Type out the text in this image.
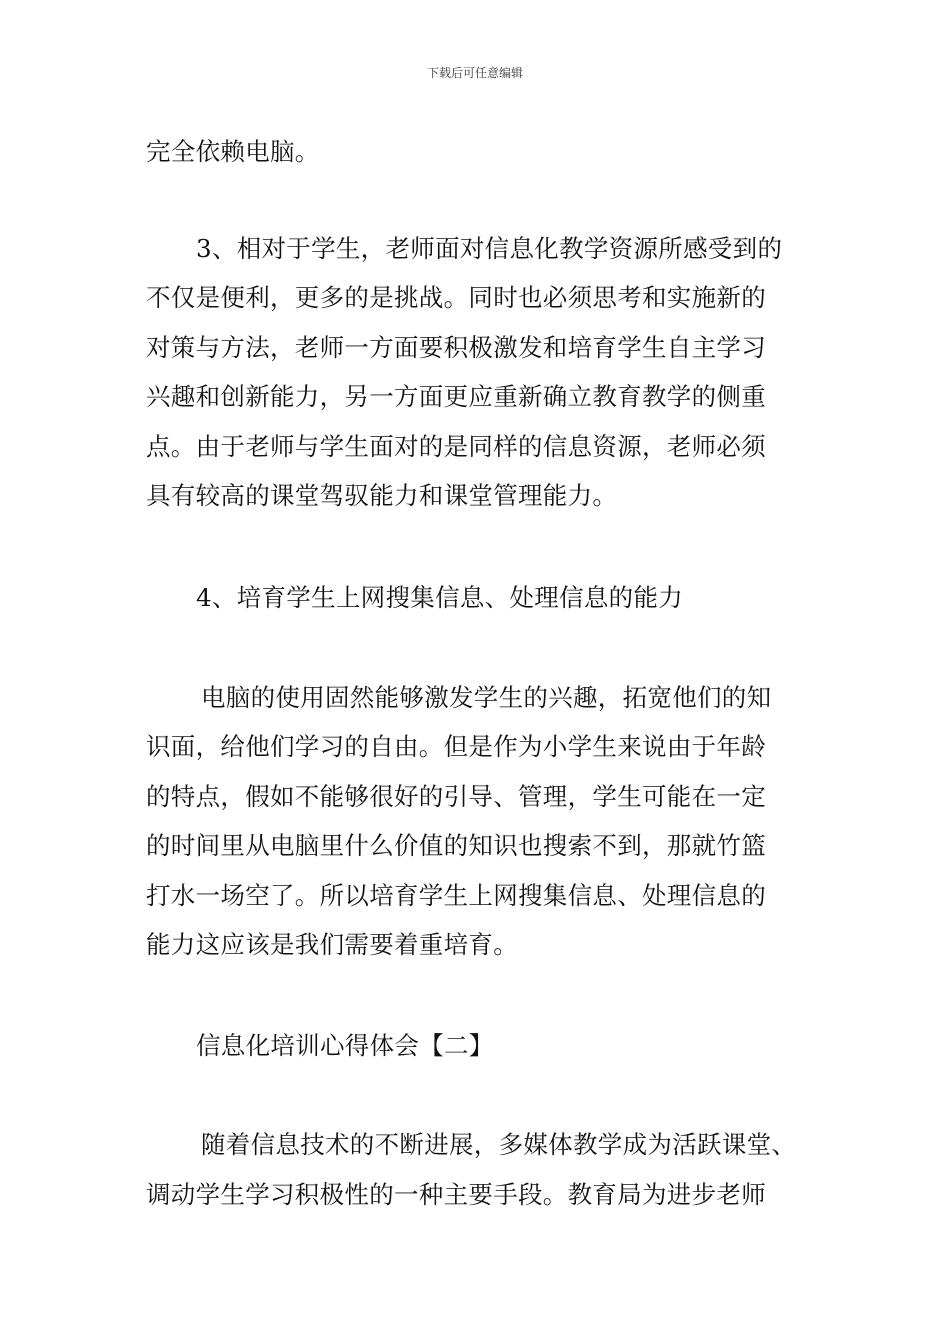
下载后可任意编辑
完全依赖电脑。
3、相对于学生，老师面对信息化教学资源所感受到的
不仅是便利，更多的是挑战。同时也必须思考和实施新的
对策与方法，老师一方面要积极激发和培育学生自主学习
兴趣和创新能力，另一方面更应重新确立教育教学的侧重
点。由于老师与学生面对的是同样的信息资源，老师必须
具有较高的课堂驾驭能力和课堂管理能力。
4、培育学生上网搜集信息、处理信息的能力
电脑的使用固然能够激发学生的兴趣，拓宽他们的知
识面，给他们学习的自由。但是作为小学生来说由于年龄
的特点，假如不能够很好的引导、管理，学生可能在一定
的时间里从电脑里什么价值的知识也搜索不到，那就竹篮
打水一场空了。所以培育学生上网搜集信息、处理信息的
能力这应该是我们需要着重培育。
信息化培训心得体会【二】
随着信息技术的不断进展，多媒体教学成为活跃课堂、
调动学生学习积极性的一种主要手段。教育局为进步老师
